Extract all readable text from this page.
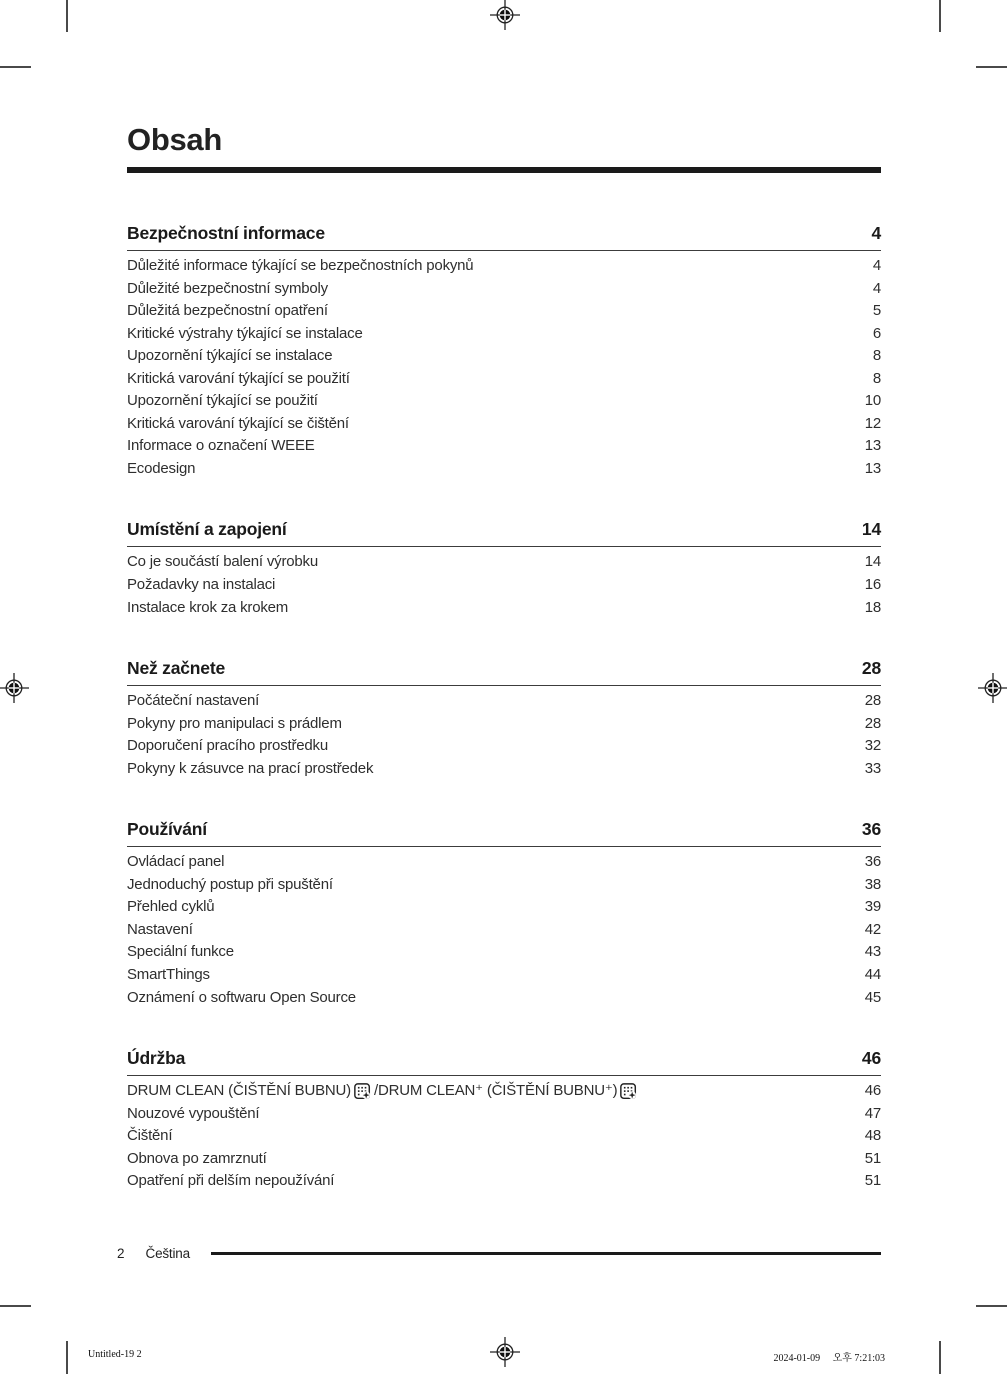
Obsah
Bezpečnostní informace	4
Důležité informace týkající se bezpečnostních pokynů	4
Důležité bezpečnostní symboly	4
Důležitá bezpečnostní opatření	5
Kritické výstrahy týkající se instalace	6
Upozornění týkající se instalace	8
Kritická varování týkající se použití	8
Upozornění týkající se použití	10
Kritická varování týkající se čištění	12
Informace o označení WEEE	13
Ecodesign	13
Umístění a zapojení	14
Co je součástí balení výrobku	14
Požadavky na instalaci	16
Instalace krok za krokem	18
Než začnete	28
Počáteční nastavení	28
Pokyny pro manipulaci s prádlem	28
Doporučení pracího prostředku	32
Pokyny k zásuvce na prací prostředek	33
Používání	36
Ovládací panel	36
Jednoduchý postup při spuštění	38
Přehled cyklů	39
Nastavení	42
Speciální funkce	43
SmartThings	44
Oznámení o softwaru Open Source	45
Údržba	46
DRUM CLEAN (ČIŠTĚNÍ BUBNU)
/DRUM CLEAN⁺ (ČIŠTĚNÍ BUBNU⁺)	46
Nouzové vypouštění	47
Čištění	48
Obnova po zamrznutí	51
Opatření při delším nepoužívání	51
2 Čeština
Untitled-19 2	2024-01-09 오후 7:21:03
